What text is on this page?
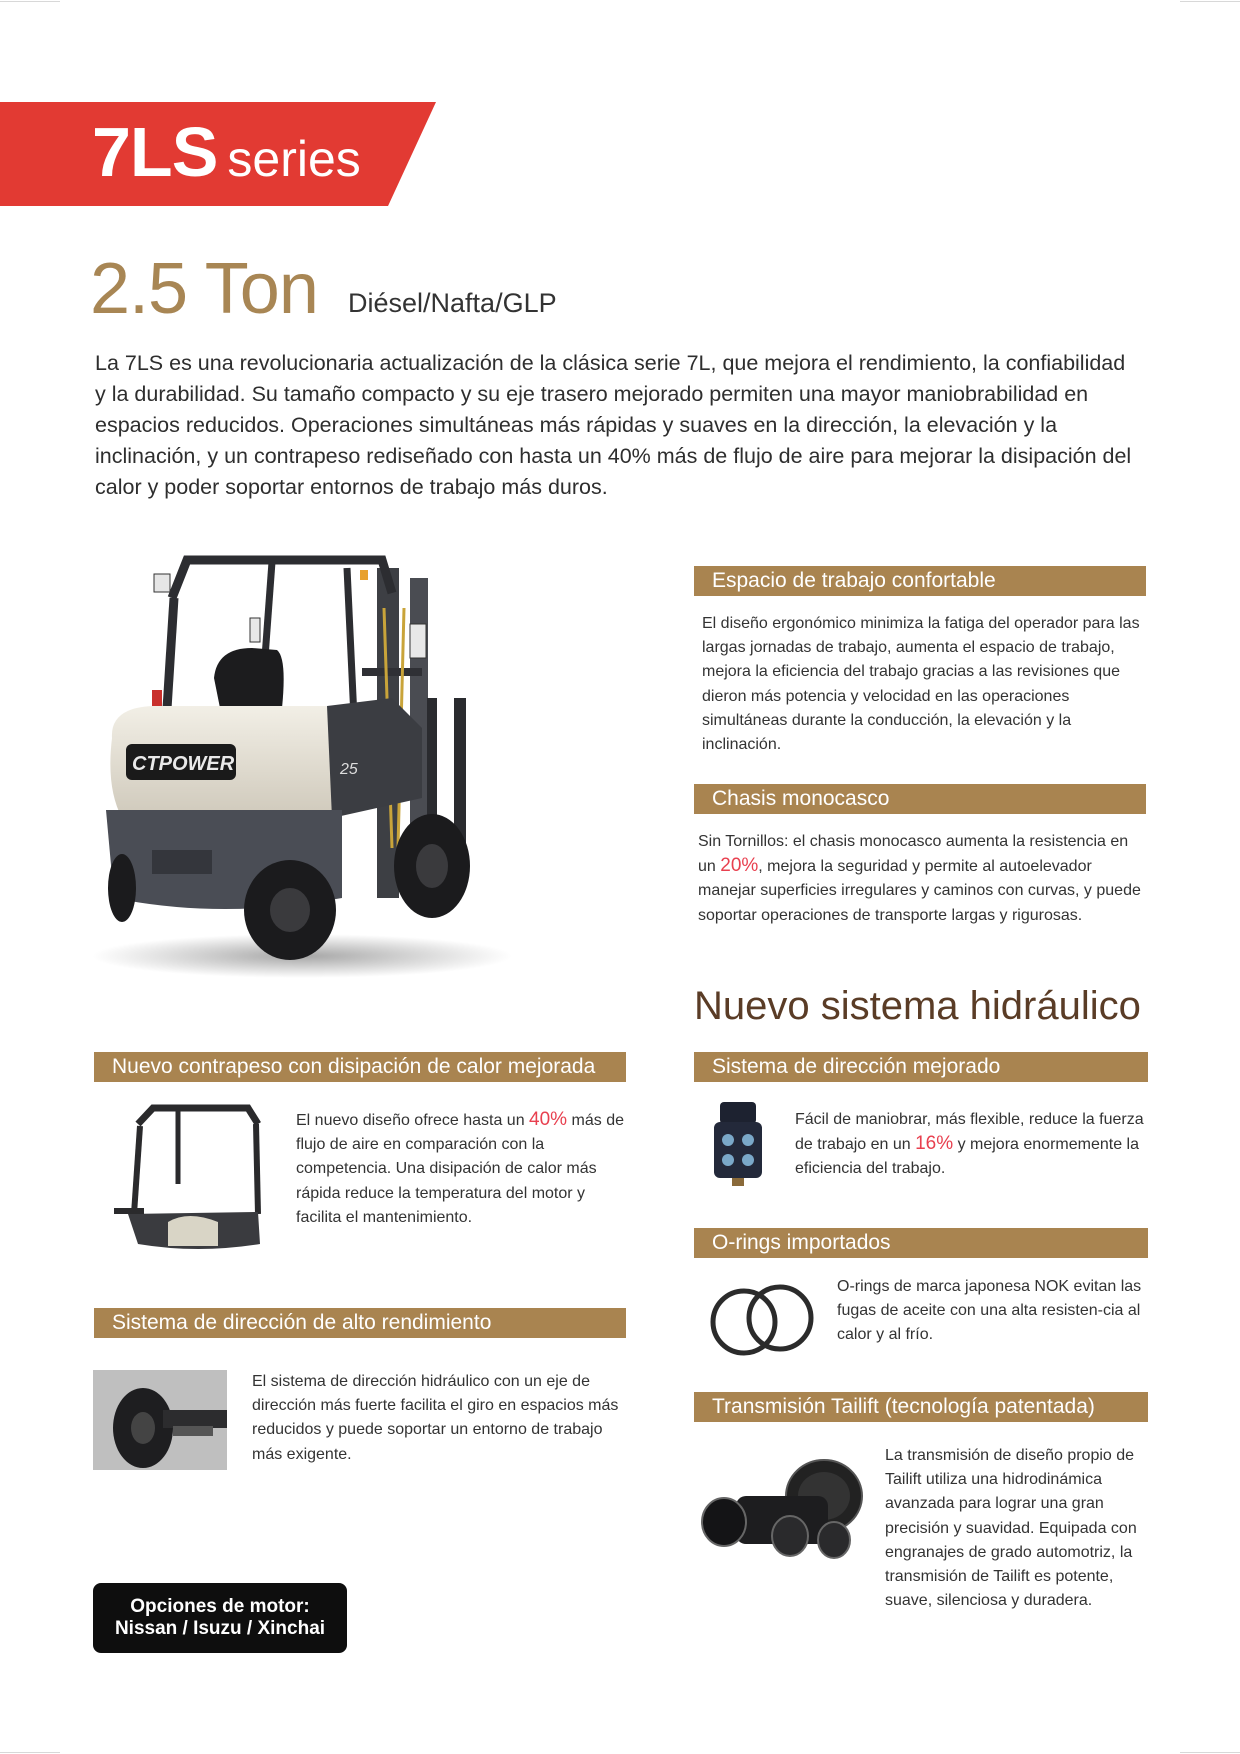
7LS series
2.5 Ton Diésel/Nafta/GLP
La 7LS es una revolucionaria actualización de la clásica serie 7L, que mejora el rendimiento, la confiabilidad y la durabilidad. Su tamaño compacto y su eje trasero mejorado permiten una mayor maniobrabilidad en espacios reducidos. Operaciones simultáneas más rápidas y suaves en la dirección, la elevación y la inclinación, y un contrapeso rediseñado con hasta un 40% más de flujo de aire para mejorar la disipación del calor y poder soportar entornos de trabajo más duros.
CTPOWER	25
Espacio de trabajo confortable
El diseño ergonómico minimiza la fatiga del operador para las largas jornadas de trabajo, aumenta el espacio de trabajo, mejora la eficiencia del trabajo gracias a las revisiones que dieron más potencia y velocidad en las operaciones simultáneas durante la conducción, la elevación y la inclinación.
Chasis monocasco
Sin Tornillos: el chasis monocasco aumenta la resistencia en un 20%, mejora la seguridad y permite al autoelevador manejar superficies irregulares y caminos con curvas, y puede soportar operaciones de transporte largas y rigurosas.
Nuevo sistema hidráulico
Nuevo contrapeso con disipación de calor mejorada
El nuevo diseño ofrece hasta un 40% más de flujo de aire en comparación con la competencia. Una disipación de calor más rápida reduce la temperatura del motor y facilita el mantenimiento.
Sistema de dirección de alto rendimiento
El sistema de dirección hidráulico con un eje de dirección más fuerte facilita el giro en espacios más reducidos y puede soportar un entorno de trabajo más exigente.
Sistema de dirección mejorado
Fácil de maniobrar, más flexible, reduce la fuerza de trabajo en un 16% y mejora enormemente la eficiencia del trabajo.
O-rings importados
O-rings de marca japonesa NOK evitan las fugas de aceite con una alta resisten-cia al calor y al frío.
Transmisión Tailift (tecnología patentada)
La transmisión de diseño propio de Tailift utiliza una hidrodinámica avanzada para lograr una gran precisión y suavidad. Equipada con engranajes de grado automotriz, la transmisión de Tailift es potente, suave, silenciosa y duradera.
Opciones de motor:
Nissan / Isuzu / Xinchai
